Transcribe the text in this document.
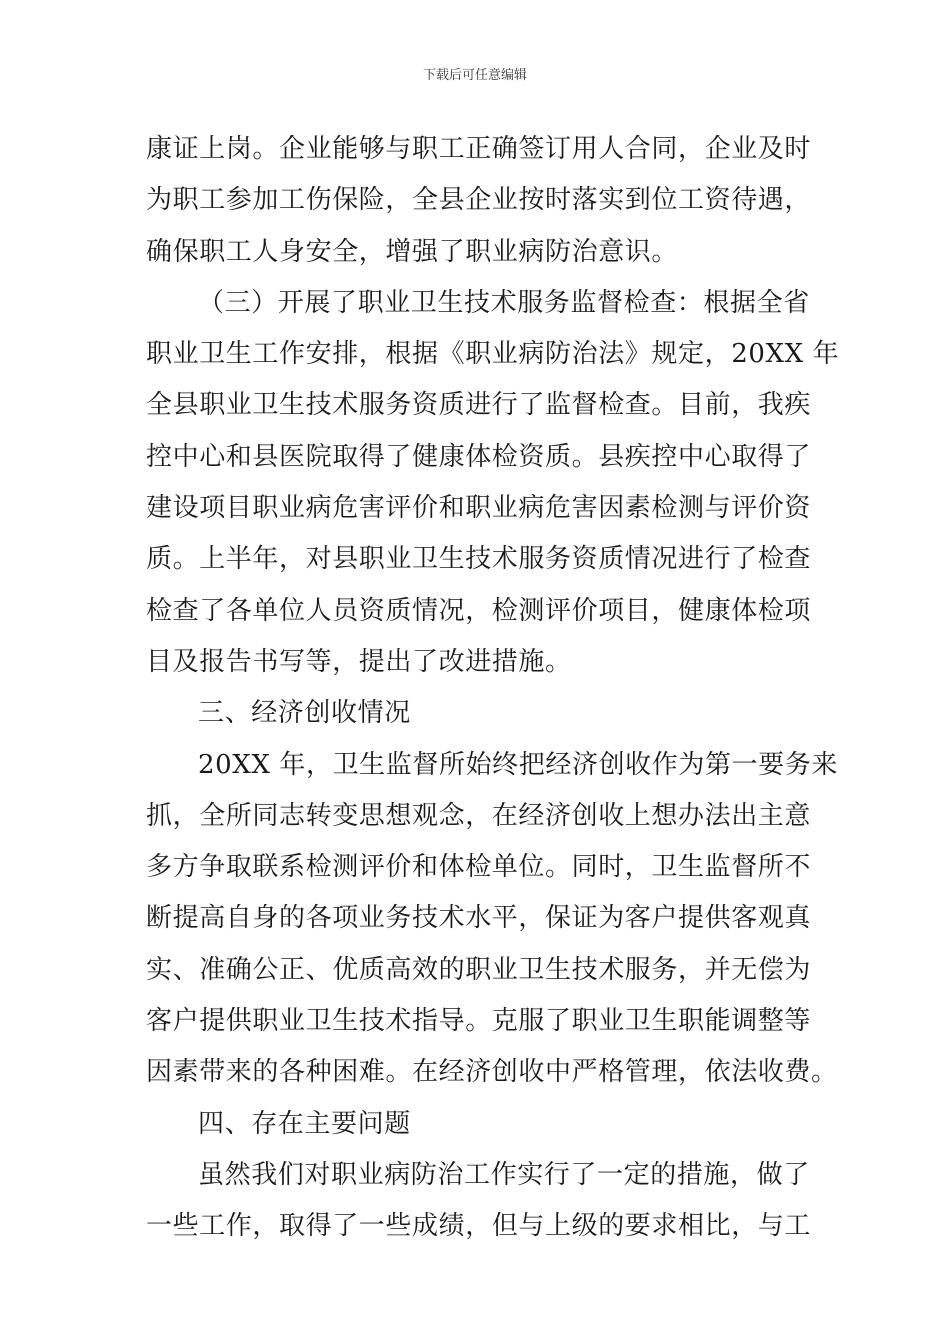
下载后可任意编辑
康证上岗。企业能够与职工正确签订用人合同，企业及时
为职工参加工伤保险，全县企业按时落实到位工资待遇，
确保职工人身安全，增强了职业病防治意识。
（三）开展了职业卫生技术服务监督检查：根据全省
职业卫生工作安排，根据《职业病防治法》规定，20XX 年
全县职业卫生技术服务资质进行了监督检查。目前，我疾
控中心和县医院取得了健康体检资质。县疾控中心取得了
建设项目职业病危害评价和职业病危害因素检测与评价资
质。上半年，对县职业卫生技术服务资质情况进行了检查
检查了各单位人员资质情况，检测评价项目，健康体检项
目及报告书写等，提出了改进措施。
三、经济创收情况
20XX 年，卫生监督所始终把经济创收作为第一要务来
抓，全所同志转变思想观念，在经济创收上想办法出主意
多方争取联系检测评价和体检单位。同时，卫生监督所不
断提高自身的各项业务技术水平，保证为客户提供客观真
实、准确公正、优质高效的职业卫生技术服务，并无偿为
客户提供职业卫生技术指导。克服了职业卫生职能调整等
因素带来的各种困难。在经济创收中严格管理，依法收费。
四、存在主要问题
虽然我们对职业病防治工作实行了一定的措施，做了
一些工作，取得了一些成绩，但与上级的要求相比，与工
